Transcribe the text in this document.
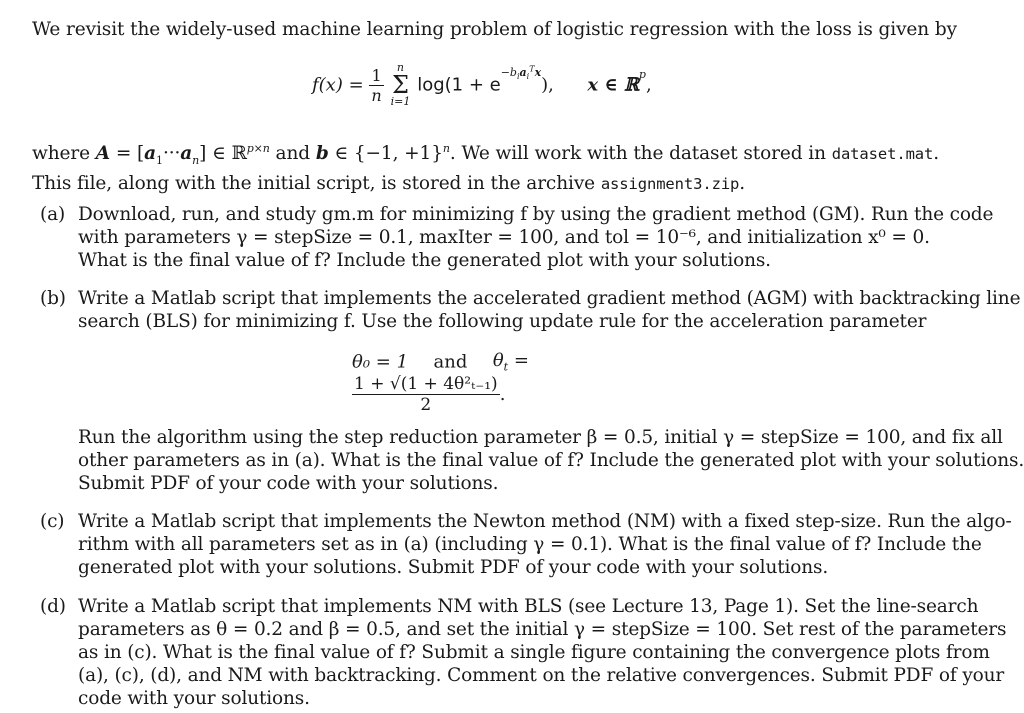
We revisit the widely-used machine learning problem of logistic regression with the loss is given by
$f(x) = \frac{1}{n}$
	n
Σ
i=1
$\log(1 + e^{-b_ia_i^Tx})$, x ∈ ℝ$^p$,
where $A = [a_1\cdot\cdot\cdot a_n]$ ∈ ℝ$^{p\times n}$ and b ∈ {−1, +1}$^n$. We will work with the dataset stored in dataset.mat.
This file, along with the initial script, is stored in the archive assignment3.zip.
(a) Download, run, and study gm.m for minimizing f by using the gradient method (GM). Run the code
with parameters γ = stepSize = 0.1, maxIter = 100, and tol = 10⁻⁶, and initialization x⁰ = 0.
What is the final value of f? Include the generated plot with your solutions.
(b) Write a Matlab script that implements the accelerated gradient method (AGM) with backtracking line
search (BLS) for minimizing f. Use the following update rule for the acceleration parameter
θ₀ = 1 and $\theta_t$ =
$\frac{\text{1 + √(1 + 4θ²ₜ₋₁)}}{2}$ .
Run the algorithm using the step reduction parameter β = 0.5, initial γ = stepSize = 100, and fix all
other parameters as in (a). What is the final value of f? Include the generated plot with your solutions.
Submit PDF of your code with your solutions.
(c) Write a Matlab script that implements the Newton method (NM) with a fixed step-size. Run the algo-
rithm with all parameters set as in (a) (including γ = 0.1). What is the final value of f? Include the
generated plot with your solutions. Submit PDF of your code with your solutions.
(d) Write a Matlab script that implements NM with BLS (see Lecture 13, Page 1). Set the line-search
parameters as θ = 0.2 and β = 0.5, and set the initial γ = stepSize = 100. Set rest of the parameters
as in (c). What is the final value of f? Submit a single figure containing the convergence plots from
(a), (c), (d), and NM with backtracking. Comment on the relative convergences. Submit PDF of your
code with your solutions.
